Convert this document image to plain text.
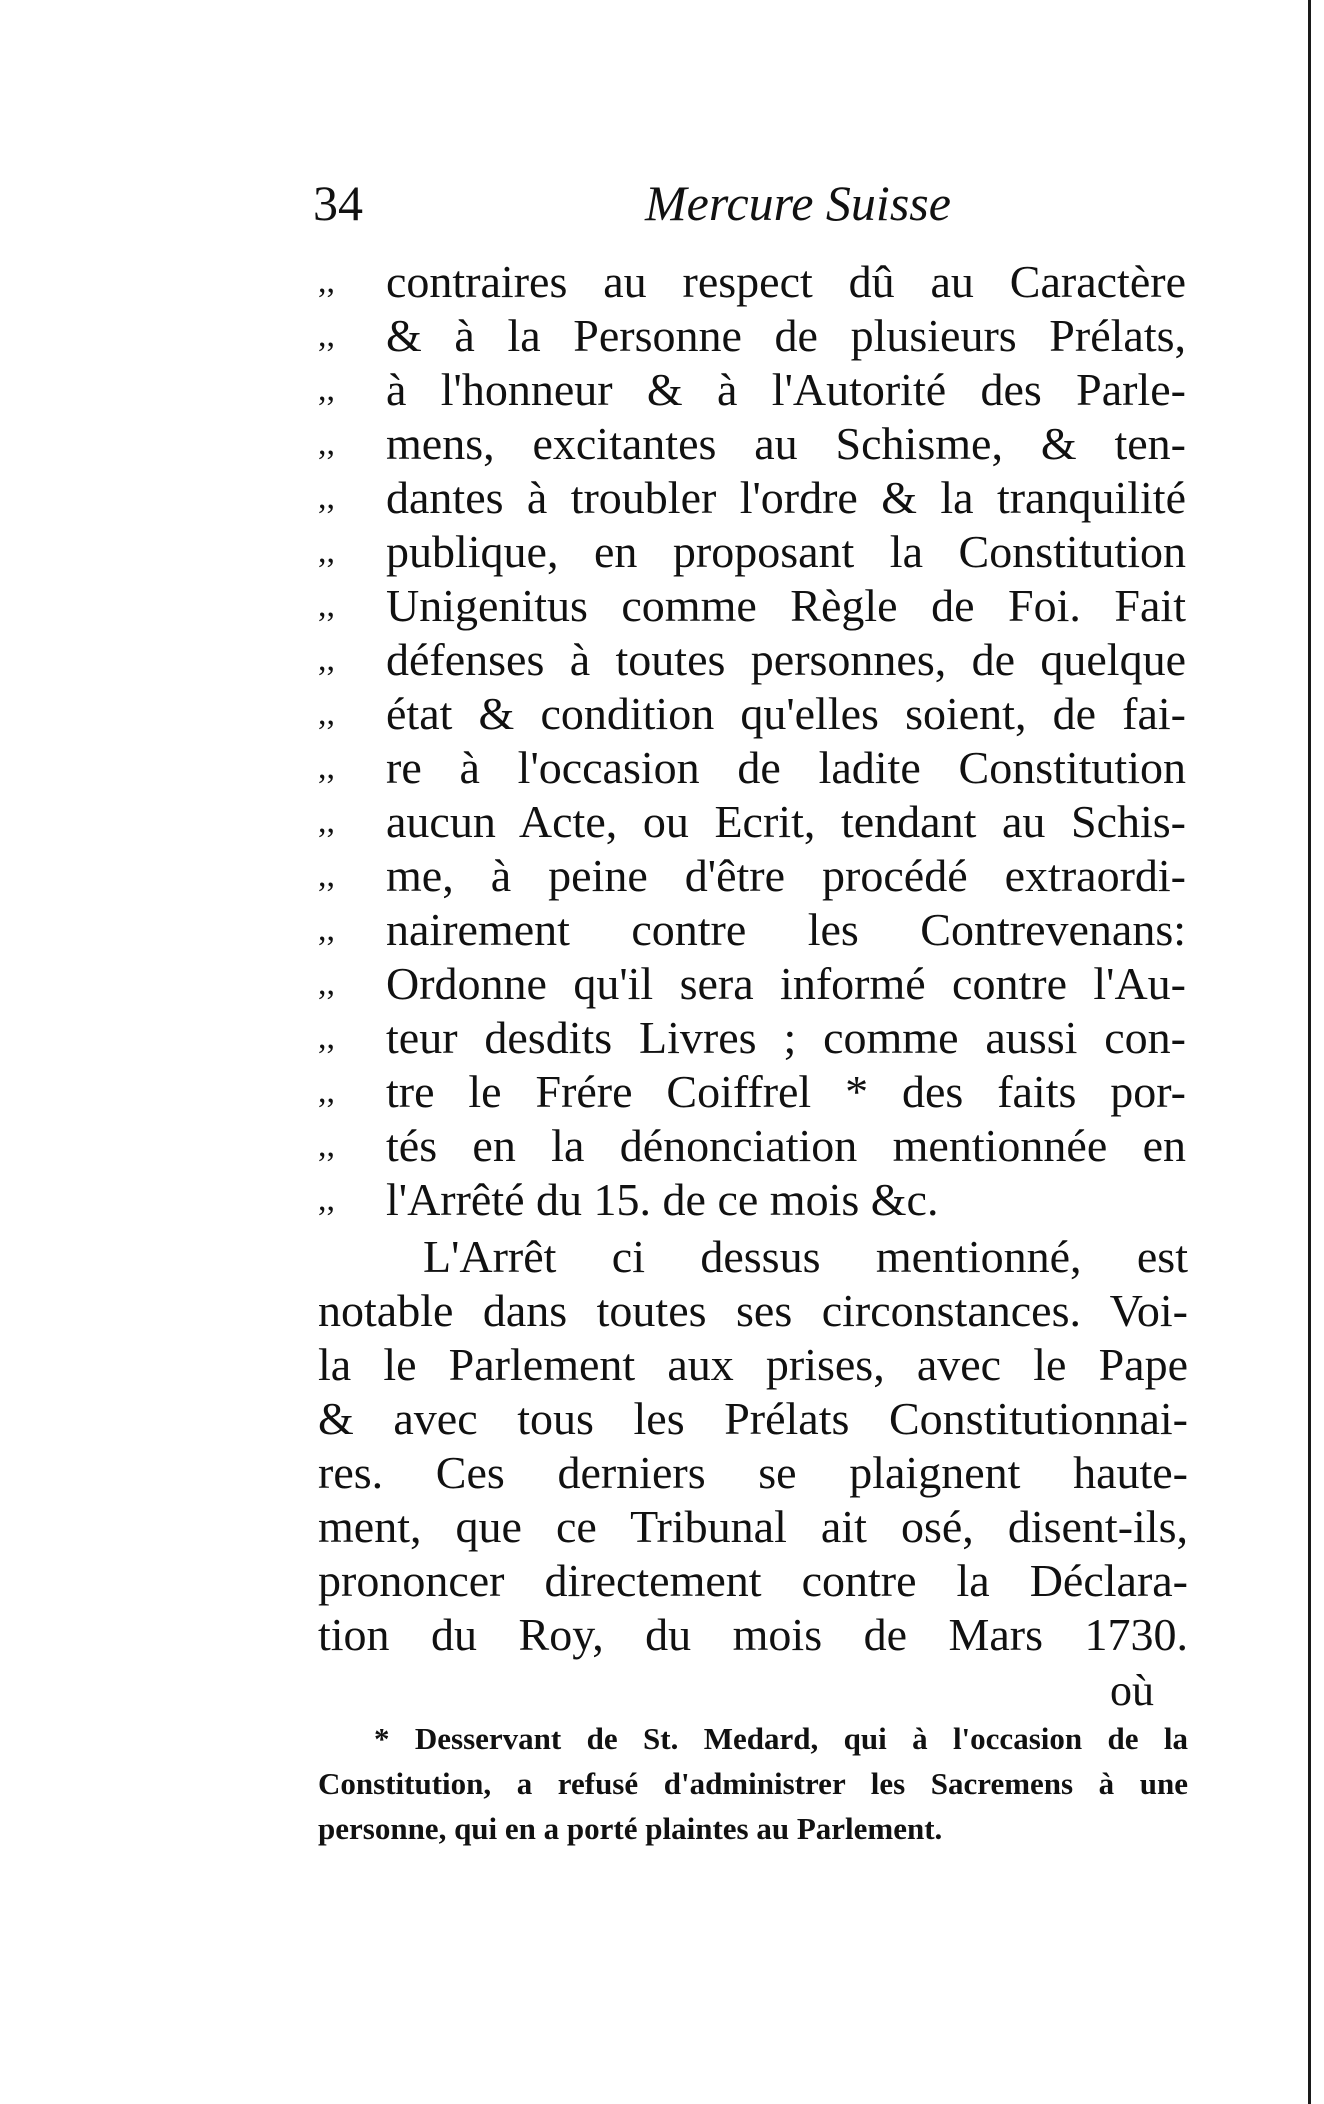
34	Mercure Suisse
,,	contraires au respect dû au Caractère
,,	& à la Personne de plusieurs Prélats,
,,	à l'honneur & à l'Autorité des Parle-
,,	mens, excitantes au Schisme, & ten-
,,	dantes à troubler l'ordre & la tranquilité
,,	publique, en proposant la Constitution
,,	Unigenitus comme Règle de Foi. Fait
,,	défenses à toutes personnes, de quelque
,,	état & condition qu'elles soient, de fai-
,,	re à l'occasion de ladite Constitution
,,	aucun Acte, ou Ecrit, tendant au Schis-
,,	me, à peine d'être procédé extraordi-
,,	nairement contre les Contrevenans:
,,	Ordonne qu'il sera informé contre l'Au-
,,	teur desdits Livres ; comme aussi con-
,,	tre le Frére Coiffrel * des faits por-
,,	tés en la dénonciation mentionnée en
,,	l'Arrêté du 15. de ce mois &c.
L'Arrêt ci dessus mentionné, est
notable dans toutes ses circonstances. Voi-
la le Parlement aux prises, avec le Pape
& avec tous les Prélats Constitutionnai-
res. Ces derniers se plaignent haute-
ment, que ce Tribunal ait osé, disent-ils,
prononcer directement contre la Déclara-
tion du Roy, du mois de Mars 1730.
où
* Desservant de St. Medard, qui à l'occasion de la
Constitution, a refusé d'administrer les Sacremens à une
personne, qui en a porté plaintes au Parlement.
